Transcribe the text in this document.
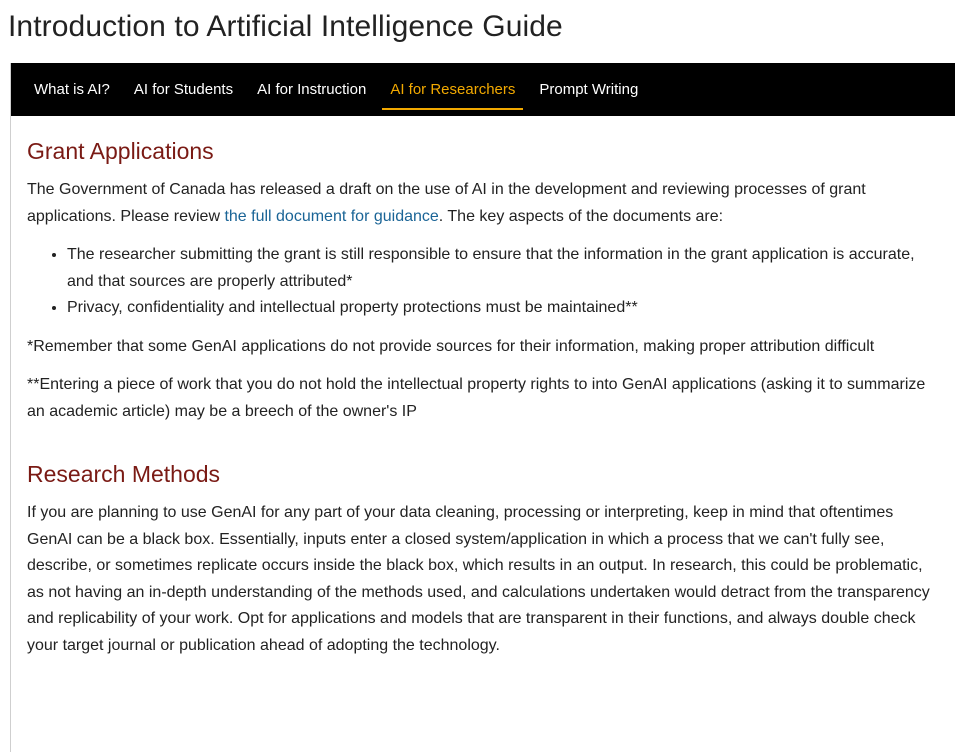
Introduction to Artificial Intelligence Guide
What is AI?	AI for Students	AI for Instruction	AI for Researchers	Prompt Writing
Grant Applications

The Government of Canada has released a draft on the use of AI in the development and reviewing processes of grant applications. Please review the full document for guidance. The key aspects of the documents are:

• The researcher submitting the grant is still responsible to ensure that the information in the grant application is accurate, and that sources are properly attributed*
• Privacy, confidentiality and intellectual property protections must be maintained**

*Remember that some GenAI applications do not provide sources for their information, making proper attribution difficult

**Entering a piece of work that you do not hold the intellectual property rights to into GenAI applications (asking it to summarize an academic article) may be a breech of the owner's IP

Research Methods

If you are planning to use GenAI for any part of your data cleaning, processing or interpreting, keep in mind that oftentimes GenAI can be a black box. Essentially, inputs enter a closed system/application in which a process that we can't fully see, describe, or sometimes replicate occurs inside the black box, which results in an output. In research, this could be problematic, as not having an in-depth understanding of the methods used, and calculations undertaken would detract from the transparency and replicability of your work. Opt for applications and models that are transparent in their functions, and always double check your target journal or publication ahead of adopting the technology.
